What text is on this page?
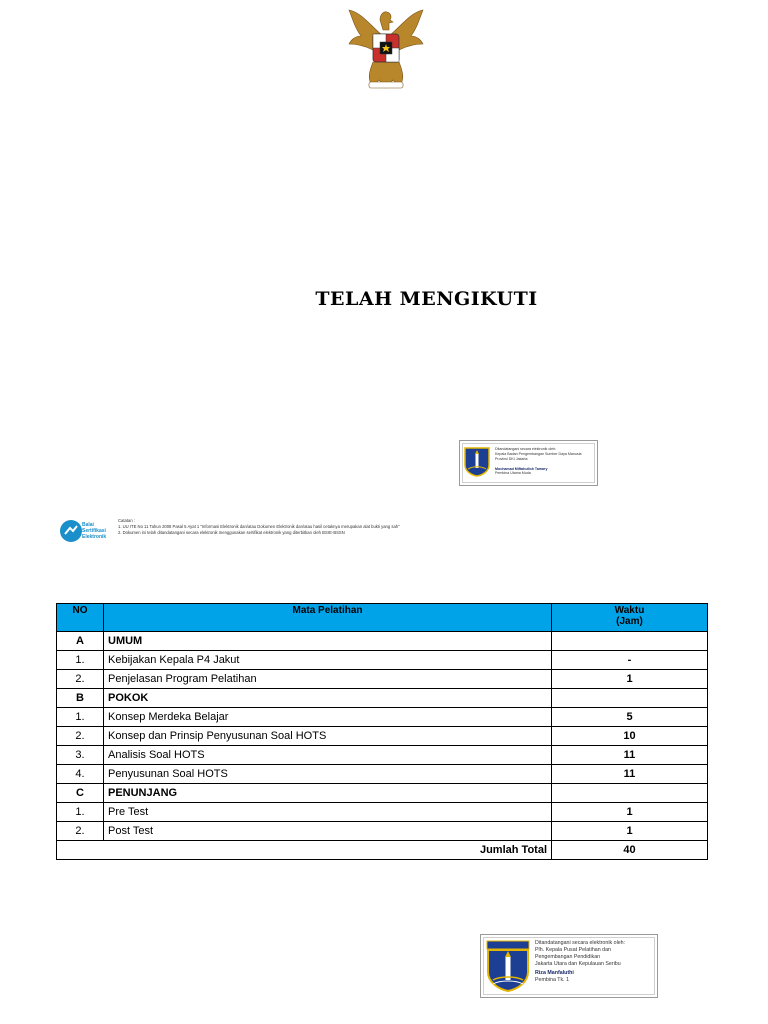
TELAH MENGIKUTI
Ditandatangani secara elektronik oleh:
Kepala Badan Pengembangan Sumber Daya Manusia
Provinsi DKI Jakarta
Mochamad Miftahulloh Tamary
Pembina Utama Muda
Balai
Sertifikasi
Elektronik
Catatan :
1. UU ITE No 11 Tahun 2008 Pasal 5 Ayat 1 "Informasi Elektronik dan/atau Dokumen Elektronik dan/atau hasil cetaknya merupakan alat bukti yang sah"
2. Dokumen ini telah ditandatangani secara elektronik menggunakan sertifikat elektronik yang diterbitkan oleh BSrE-BSSN
NO	Mata Pelatihan	Waktu
(Jam)

A	UMUM	
1.	Kebijakan Kepala P4 Jakut	-
2.	Penjelasan Program Pelatihan	1
B	POKOK	
1.	Konsep Merdeka Belajar	5
2.	Konsep dan Prinsip Penyusunan Soal HOTS	10
3.	Analisis Soal HOTS	11
4.	Penyusunan Soal HOTS	11
C	PENUNJANG	
1.	Pre Test	1
2.	Post Test	1
	Jumlah Total	40
Ditandatangani secara elektronik oleh:
Plh. Kepala Pusat Pelatihan dan
Pengembangan Pendidikan
Jakarta Utara dan Kepulauan Seribu
Riza Manfaluthi
Pembina Tk. 1
